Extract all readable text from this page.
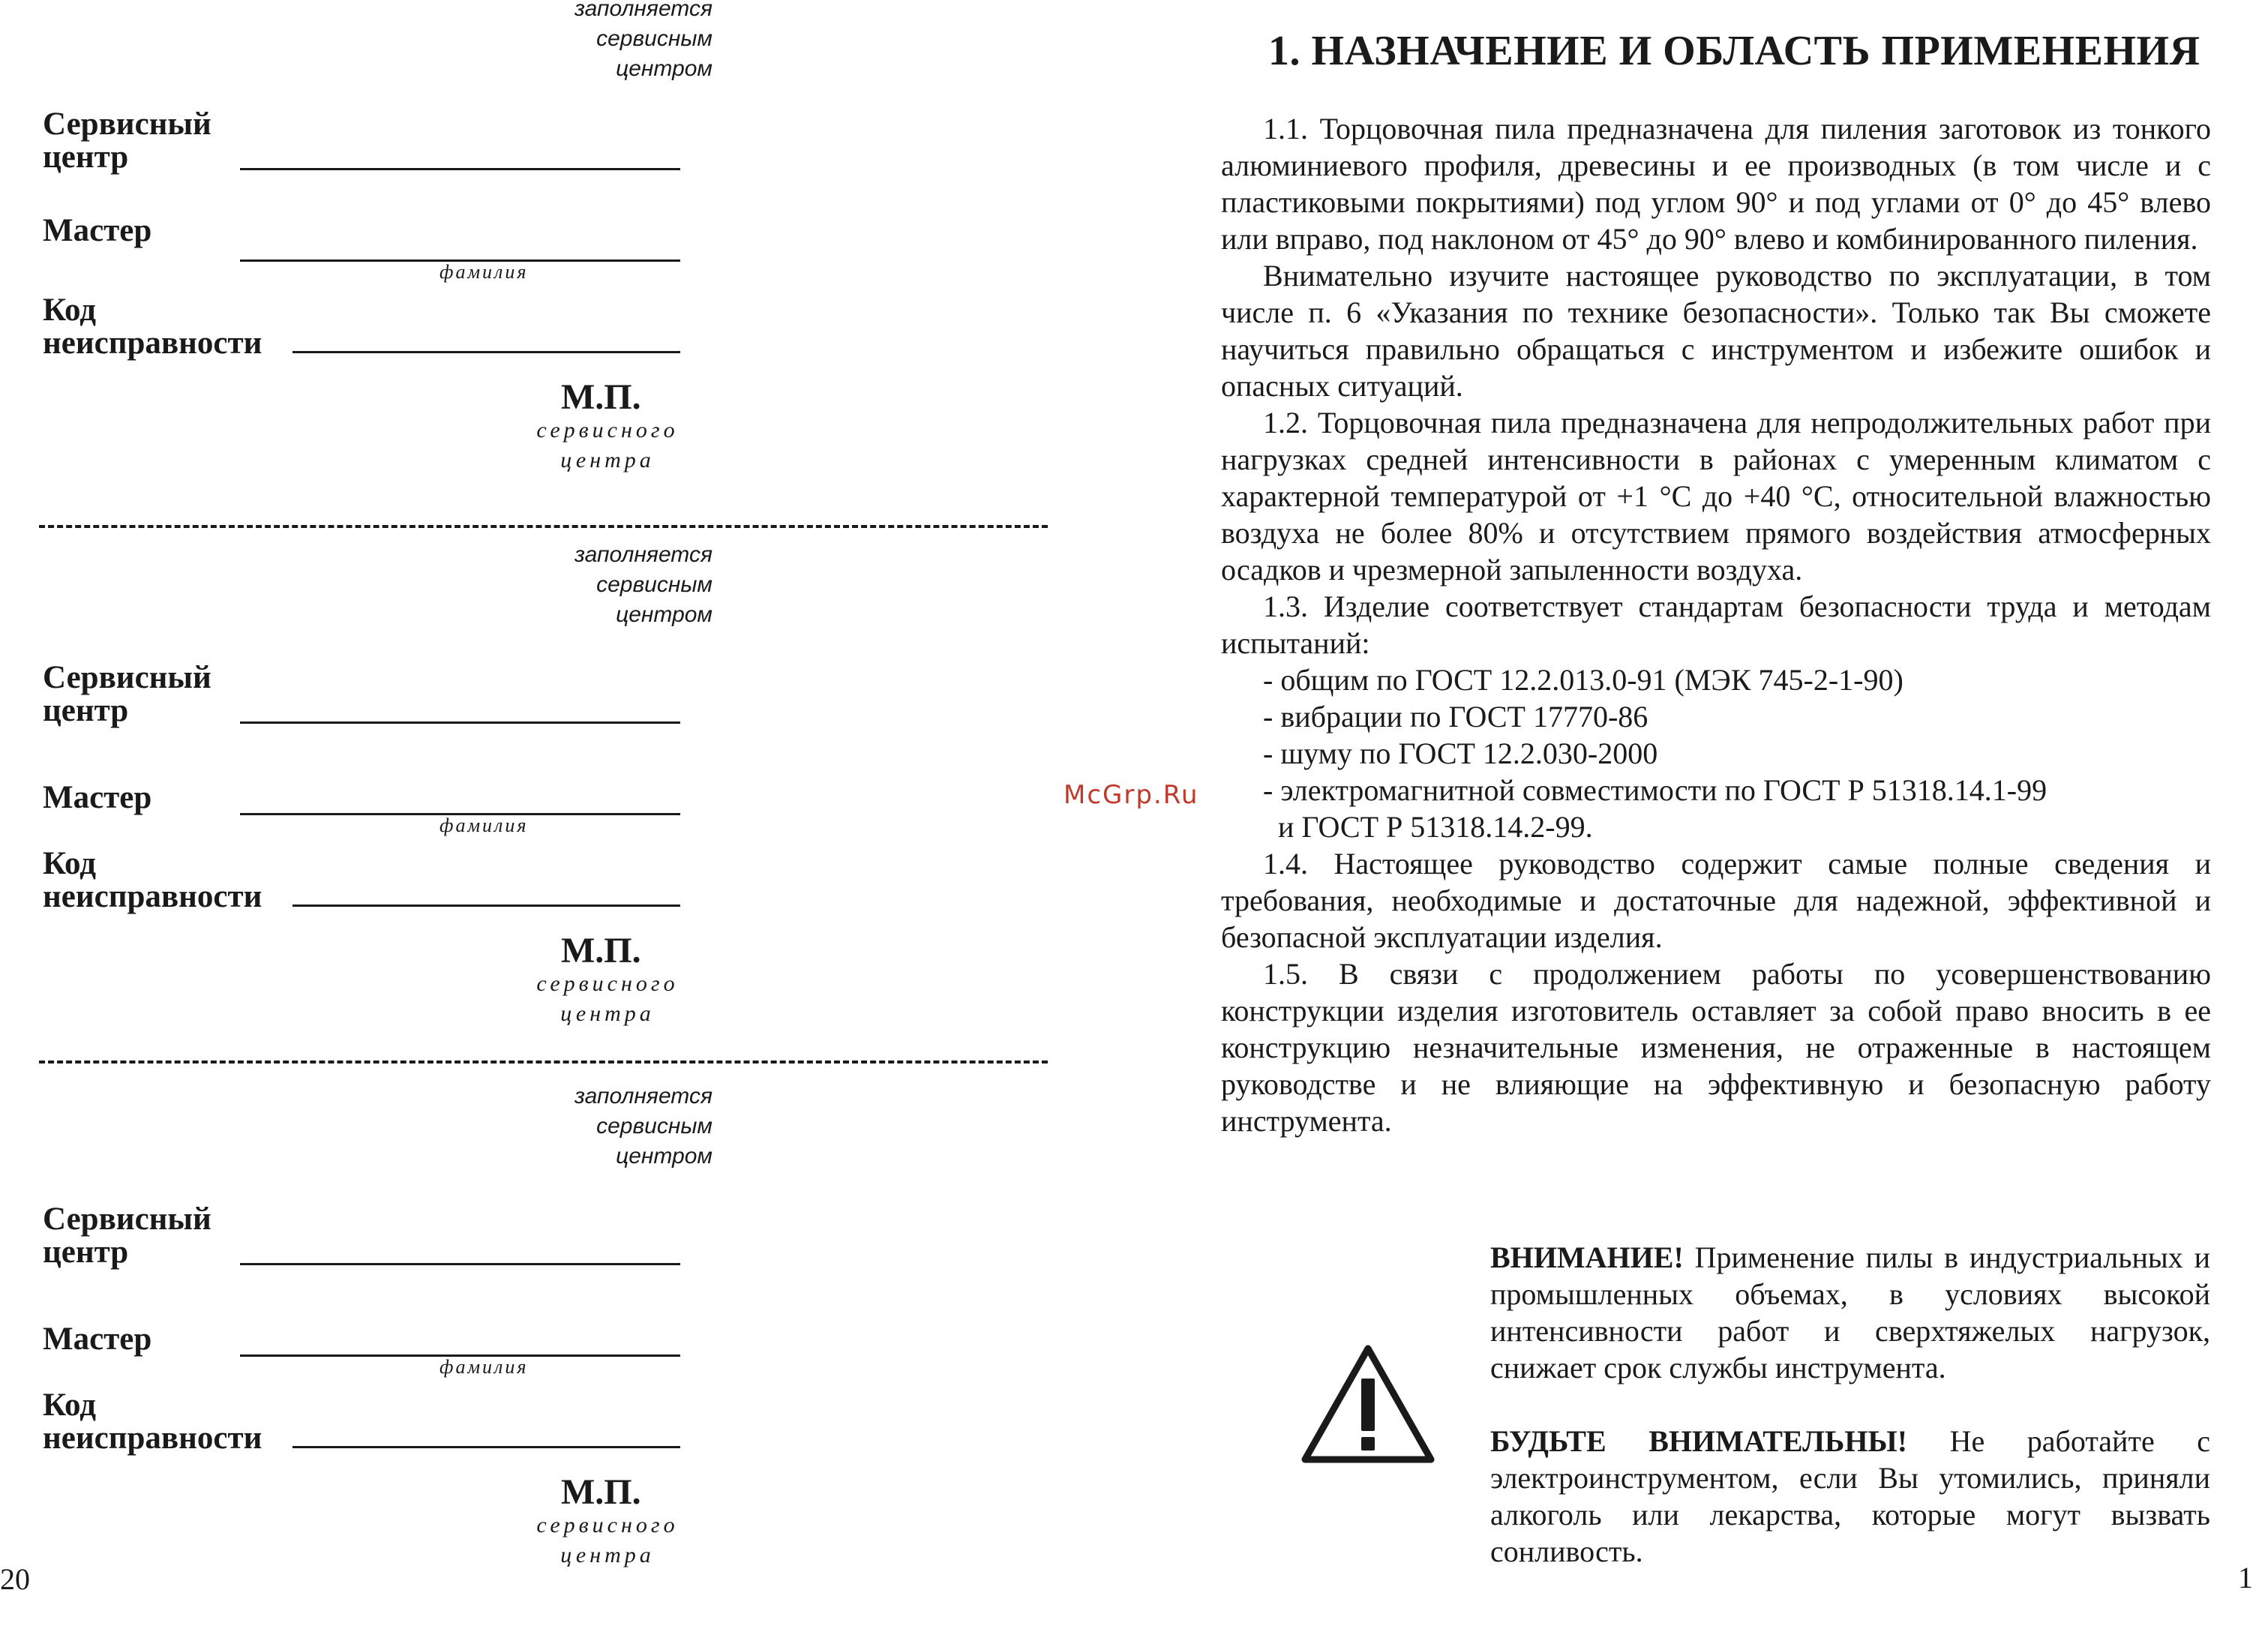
заполняется
сервисным центром
Сервисный
центр
Мастер
фамилия
Код
неисправности
М.П.
сервисного
центра
заполняется
сервисным центром
Сервисный
центр
Мастер
фамилия
Код
неисправности
М.П.
сервисного
центра
заполняется
сервисным центром
Сервисный
центр
Мастер
фамилия
Код
неисправности
М.П.
сервисного
центра
20
McGrp.Ru
1. НАЗНАЧЕНИЕ И ОБЛАСТЬ ПРИМЕНЕНИЯ

1.1. Торцовочная пила предназначена для пиления заготовок из тонкого алюминиевого профиля, древесины и ее производных (в том числе и с пластиковыми покрытиями) под углом 90° и под углами от 0° до 45° влево или вправо, под наклоном от 45° до 90° влево и комбинированного пиления.

Внимательно изучите настоящее руководство по эксплуатации, в том числе п. 6 «Указания по технике безопасности». Только так Вы сможете научиться правильно обращаться с инструментом и избежите ошибок и опасных ситуаций.

1.2. Торцовочная пила предназначена для непродолжительных работ при нагрузках средней интенсивности в районах с умеренным климатом с характерной температурой от +1 °С до +40 °С, относительной влажностью воздуха не более 80% и отсутствием прямого воздействия атмосферных осадков и чрезмерной запыленности воздуха.

1.3. Изделие соответствует стандартам безопасности труда и методам испытаний:

- общим по ГОСТ 12.2.013.0-91 (МЭК 745-2-1-90)
- вибрации по ГОСТ 17770-86
- шуму по ГОСТ 12.2.030-2000
- электромагнитной совместимости по ГОСТ Р 51318.14.1-99
и ГОСТ Р 51318.14.2-99.

1.4. Настоящее руководство содержит самые полные сведения и требования, необходимые и достаточные для надежной, эффективной и безопасной эксплуатации изделия.

1.5. В связи с продолжением работы по усовершенствованию конструкции изделия изготовитель оставляет за собой право вносить в ее конструкцию незначительные изменения, не отраженные в настоящем руководстве и не влияющие на эффективную и безопасную работу инструмента.

ВНИМАНИЕ! Применение пилы в индустриальных и промышленных объемах, в условиях высокой интенсивности работ и сверхтяжелых нагрузок, снижает срок службы инструмента.
БУДЬТЕ ВНИМАТЕЛЬНЫ! Не работайте с электроинструментом, если Вы утомились, приняли алкоголь или лекарства, которые могут вызвать сонливость.
1
